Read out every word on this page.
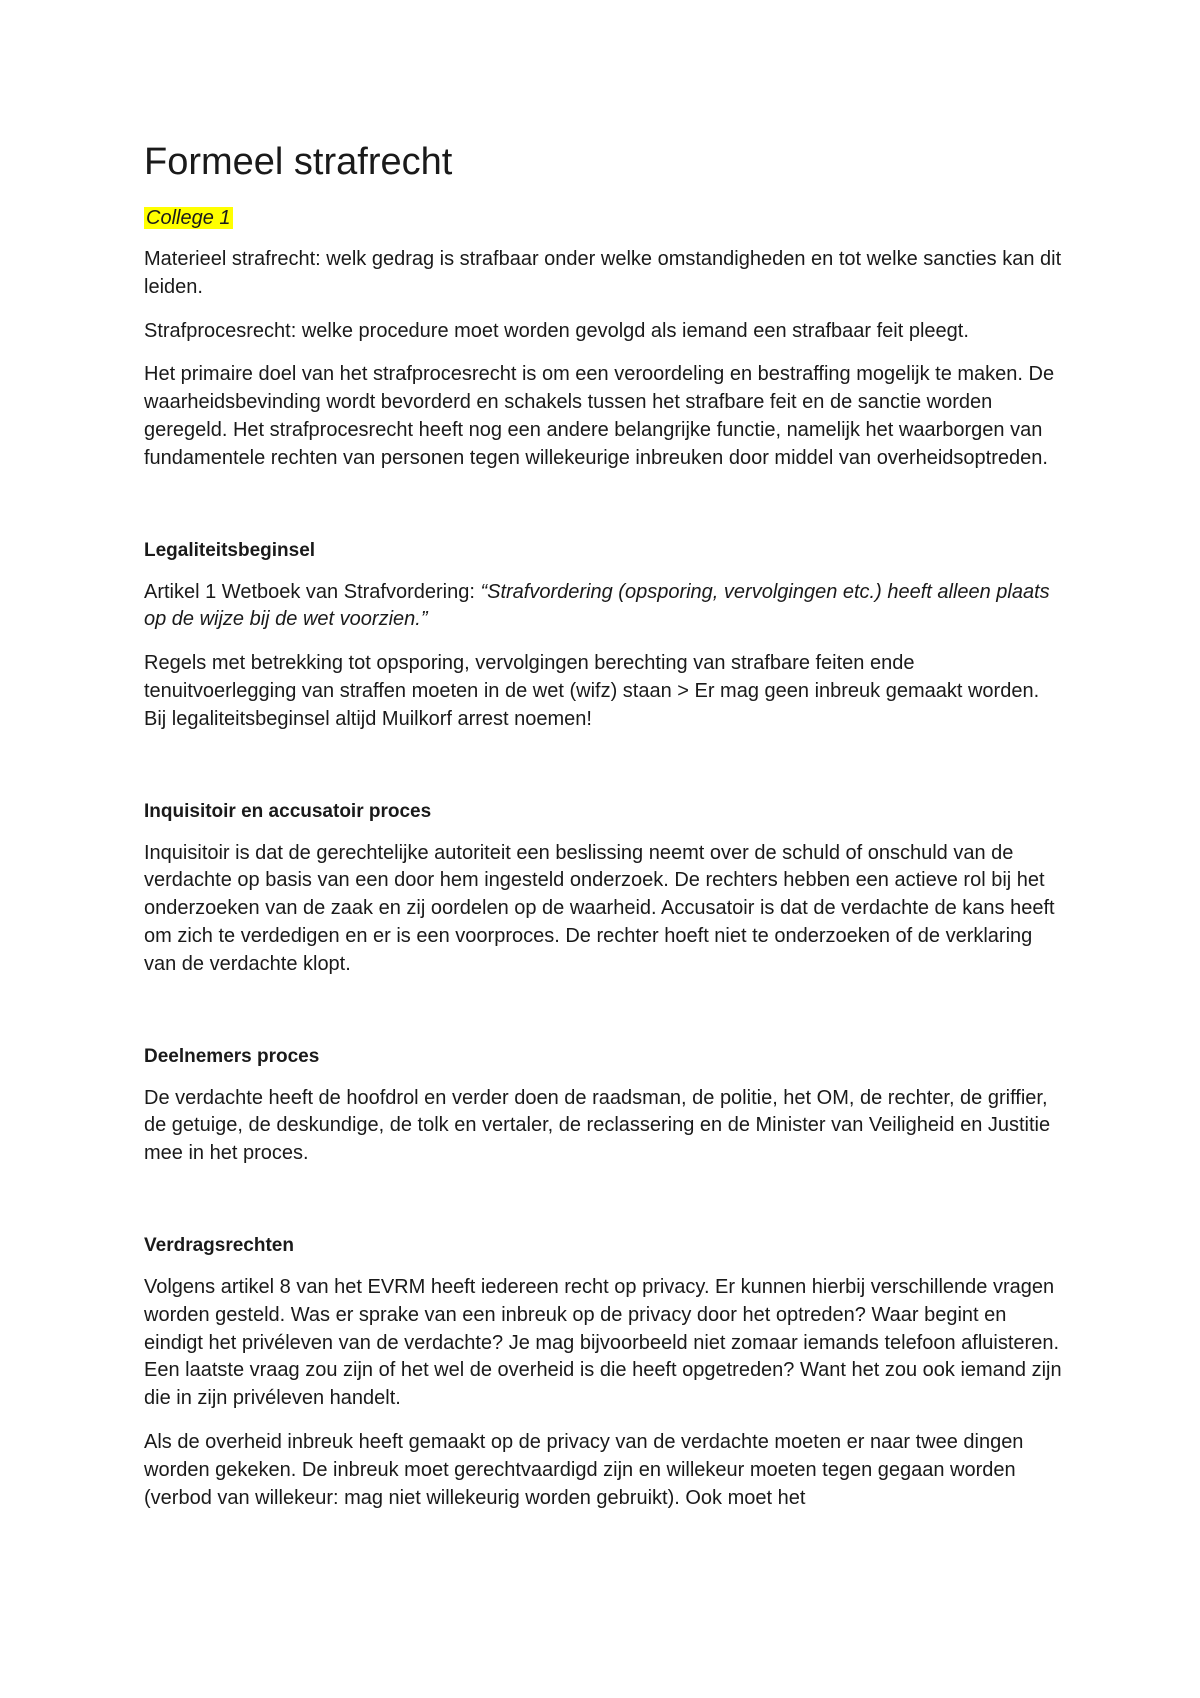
Formeel strafrecht
College 1

Materieel strafrecht: welk gedrag is strafbaar onder welke omstandigheden en tot welke sancties kan dit leiden.

Strafprocesrecht: welke procedure moet worden gevolgd als iemand een strafbaar feit pleegt.

Het primaire doel van het strafprocesrecht is om een veroordeling en bestraffing mogelijk te maken. De waarheidsbevinding wordt bevorderd en schakels tussen het strafbare feit en de sanctie worden geregeld. Het strafprocesrecht heeft nog een andere belangrijke functie, namelijk het waarborgen van fundamentele rechten van personen tegen willekeurige inbreuken door middel van overheidsoptreden.

Legaliteitsbeginsel

Artikel 1 Wetboek van Strafvordering: “Strafvordering (opsporing, vervolgingen etc.) heeft alleen plaats op de wijze bij de wet voorzien.”

Regels met betrekking tot opsporing, vervolgingen berechting van strafbare feiten ende tenuitvoerlegging van straffen moeten in de wet (wifz) staan > Er mag geen inbreuk gemaakt worden. Bij legaliteitsbeginsel altijd Muilkorf arrest noemen!

Inquisitoir en accusatoir proces

Inquisitoir is dat de gerechtelijke autoriteit een beslissing neemt over de schuld of onschuld van de verdachte op basis van een door hem ingesteld onderzoek. De rechters hebben een actieve rol bij het onderzoeken van de zaak en zij oordelen op de waarheid. Accusatoir is dat de verdachte de kans heeft om zich te verdedigen en er is een voorproces. De rechter hoeft niet te onderzoeken of de verklaring van de verdachte klopt.

Deelnemers proces

De verdachte heeft de hoofdrol en verder doen de raadsman, de politie, het OM, de rechter, de griffier, de getuige, de deskundige, de tolk en vertaler, de reclassering en de Minister van Veiligheid en Justitie mee in het proces.

Verdragsrechten

Volgens artikel 8 van het EVRM heeft iedereen recht op privacy. Er kunnen hierbij verschillende vragen worden gesteld. Was er sprake van een inbreuk op de privacy door het optreden? Waar begint en eindigt het privéleven van de verdachte? Je mag bijvoorbeeld niet zomaar iemands telefoon afluisteren. Een laatste vraag zou zijn of het wel de overheid is die heeft opgetreden? Want het zou ook iemand zijn die in zijn privéleven handelt.

Als de overheid inbreuk heeft gemaakt op de privacy van de verdachte moeten er naar twee dingen worden gekeken. De inbreuk moet gerechtvaardigd zijn en willekeur moeten tegen gegaan worden (verbod van willekeur: mag niet willekeurig worden gebruikt). Ook moet het
